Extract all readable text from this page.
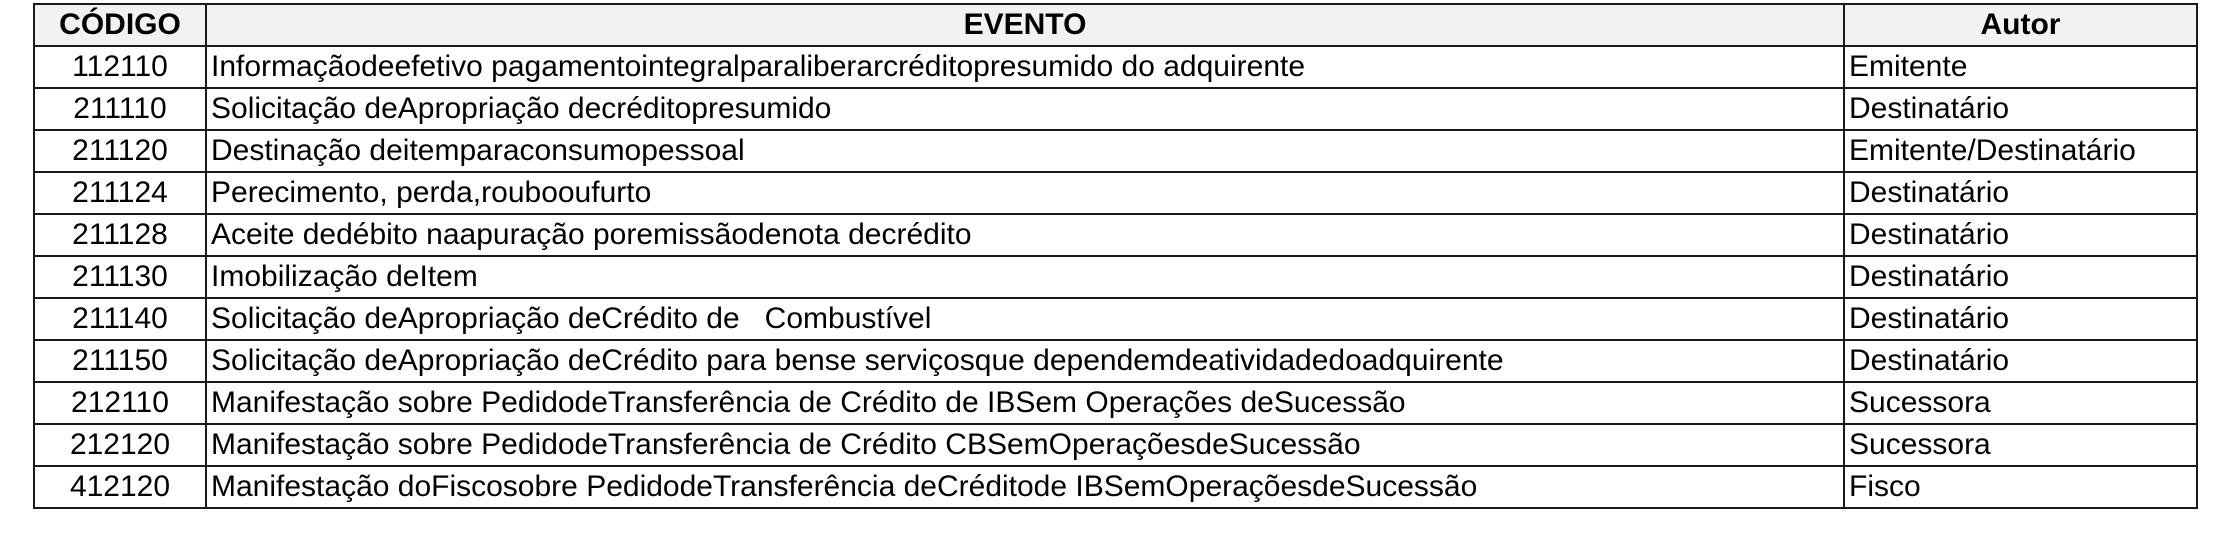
CÓDIGO	EVENTO	Autor
112110	Informaçãodeefetivo pagamentointegralparaliberarcréditopresumido do adquirente	Emitente
211110	Solicitação deApropriação decréditopresumido	Destinatário
211120	Destinação deitemparaconsumopessoal	Emitente/Destinatário
211124	Perecimento, perda,roubooufurto	Destinatário
211128	Aceite dedébito naapuração poremissãodenota decrédito	Destinatário
211130	Imobilização deItem	Destinatário
211140	Solicitação deApropriação deCrédito de   Combustível	Destinatário
211150	Solicitação deApropriação deCrédito para bense serviçosque dependemdeatividadedoadquirente	Destinatário
212110	Manifestação sobre PedidodeTransferência de Crédito de IBSem Operações deSucessão	Sucessora
212120	Manifestação sobre PedidodeTransferência de Crédito CBSemOperaçõesdeSucessão	Sucessora
412120	Manifestação doFiscosobre PedidodeTransferência deCréditode IBSemOperaçõesdeSucessão	Fisco
